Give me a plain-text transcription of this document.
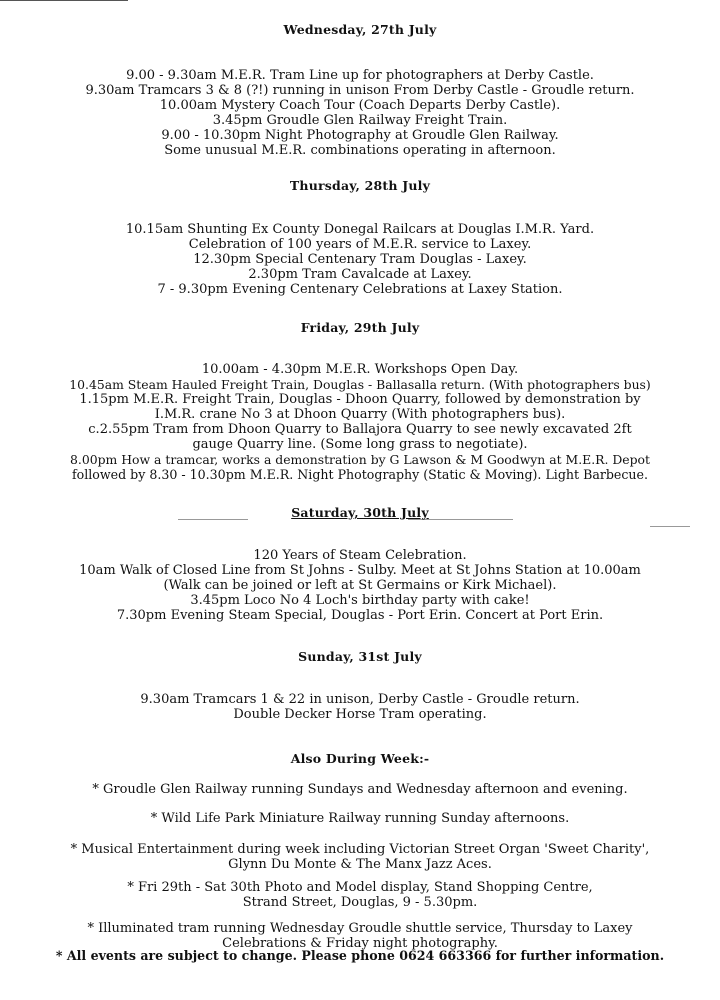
Wednesday, 27th July
9.00 - 9.30am M.E.R. Tram Line up for photographers at Derby Castle.
9.30am Tramcars 3 & 8 (?!) running in unison From Derby Castle - Groudle return.
10.00am Mystery Coach Tour (Coach Departs Derby Castle).
3.45pm Groudle Glen Railway Freight Train.
9.00 - 10.30pm Night Photography at Groudle Glen Railway.
Some unusual M.E.R. combinations operating in afternoon.
Thursday, 28th July
10.15am Shunting Ex County Donegal Railcars at Douglas I.M.R. Yard.
Celebration of 100 years of M.E.R. service to Laxey.
12.30pm Special Centenary Tram Douglas - Laxey.
2.30pm Tram Cavalcade at Laxey.
7 - 9.30pm Evening Centenary Celebrations at Laxey Station.
Friday, 29th July
10.00am - 4.30pm M.E.R. Workshops Open Day.
10.45am Steam Hauled Freight Train, Douglas - Ballasalla return. (With photographers bus)
1.15pm M.E.R. Freight Train, Douglas - Dhoon Quarry, followed by demonstration by
I.M.R. crane No 3 at Dhoon Quarry (With photographers bus).
c.2.55pm Tram from Dhoon Quarry to Ballajora Quarry to see newly excavated 2ft
gauge Quarry line. (Some long grass to negotiate).
8.00pm How a tramcar, works a demonstration by G Lawson & M Goodwyn at M.E.R. Depot
followed by 8.30 - 10.30pm M.E.R. Night Photography (Static & Moving). Light Barbecue.
Saturday, 30th July
120 Years of Steam Celebration.
10am Walk of Closed Line from St Johns - Sulby. Meet at St Johns Station at 10.00am
(Walk can be joined or left at St Germains or Kirk Michael).
3.45pm Loco No 4 Loch's birthday party with cake!
7.30pm Evening Steam Special, Douglas - Port Erin. Concert at Port Erin.
Sunday, 31st July
9.30am Tramcars 1 & 22 in unison, Derby Castle - Groudle return.
Double Decker Horse Tram operating.
Also During Week:-
* Groudle Glen Railway running Sundays and Wednesday afternoon and evening.
* Wild Life Park Miniature Railway running Sunday afternoons.
* Musical Entertainment during week including Victorian Street Organ 'Sweet Charity',
Glynn Du Monte & The Manx Jazz Aces.
* Fri 29th - Sat 30th Photo and Model display, Stand Shopping Centre,
Strand Street, Douglas, 9 - 5.30pm.
* Illuminated tram running Wednesday Groudle shuttle service, Thursday to Laxey
Celebrations & Friday night photography.
* All events are subject to change. Please phone 0624 663366 for further information.
